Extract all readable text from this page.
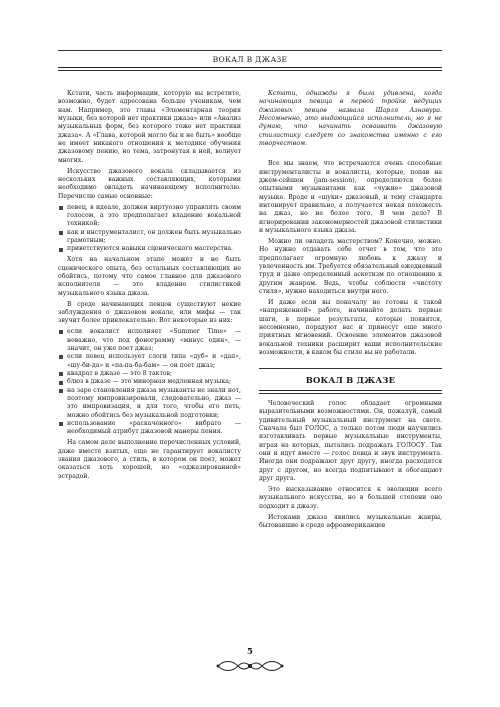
ВОКАЛ В ДЖАЗЕ

Кстати, часть информации, которую вы встретите, возможно, будет адресована больше ученикам, чем нам. Например, это главы «Элементарная теория музыки, без которой нет практики джаза» или «Анализ музыкальных форм, без которого тоже нет практики джаза». А «Глава, которой могло бы и не быть» вообще не имеет никакого отношения к методике обучения джазовому пению, но тема, затронутая в ней, волнует многих.

Искусство джазового вокала складывается из нескольких важных составляющих, которыми необходимо овладеть начинающему исполнителю. Перечислю самые основные:

певец, в идеале, должен виртуозно управлять своим голосом, а это предполагает владение вокальной техникой;
как и инструменталист, он должен быть музыкально грамотным;
приветствуются навыки сценического мастерства.

Хотя на начальном этапе может и не быть сценического опыта, без остальных составляющих не обойтись, потому что самое главное для джазового исполнителя — это владение стилистикой музыкального языка джаза.

В среде начинающих певцов существуют некие заблуждения о джазовом вокале, или мифы — так звучит более привлекательно. Вот некоторые из них:

если вокалист исполняет «Summer Time» — неважно, что под фонограмму «минус один», — значит, он уже поет джаз;
если певец использует слоги типа «дуб» и «дап», «шу-би-да» и «па-па-ба-бам» — он поет джаз;
квадрат в джазе — это 8 тактов;
блюз в джазе — это минорная медленная музыка;
на заре становления джаза музыканты не знали нот, поэтому импровизировали, следовательно, джаз — это импровизация, и для того, чтобы его петь, можно обойтись без музыкальной подготовки;
использование «раскаченного» вибрато — необходимый атрибут джазовой манеры пения.

На самом деле выполнение перечисленных условий, даже вместе взятых, еще не гарантирует вокалисту звания джазового, а стиль, в котором он поет, может оказаться хоть хорошей, но «оджазированной» эстрадой.

Кстати, однажды я была удивлена, когда начинающая певица в первой тройке ведущих джазовых певцов назвала Шарля Азнавура. Несомненно, это выдающийся исполнитель, но я не думаю, что начинать осваивать джазовую стилистику следует со знакомства именно с его творчеством.

Все мы знаем, что встречаются очень способные инструменталисты и вокалисты, которые, попав на джем-сейшен (jam-session), определяются более опытными музыкантами как «чужие» джазовой музыке. Вроде и «шуки» джазовый, и тему стандарта интонирует правильно, а получается некая похожесть на джаз, но не более того. В чем дело? В игнорировании закономерностей джазовой стилистики и музыкального языка джаза.

Можно ли овладеть мастерством? Конечно, можно. Но нужно отдавать себе отчет в том, что это предполагает огромную любовь к джазу и увлеченность им. Требуется обязательный ежедневный труд и даже определенный аскетизм по отношению к другим жанрам. Ведь, чтобы соблюсти «чистоту стиля», нужно находиться внутри него.

И даже если вы поначалу не готовы к такой «напряженной» работе, начинайте делать первые шаги, в первые результаты, которые появятся, несомненно, порадуют вас и принесут еще много приятных мгновений. Освоение элементов джазовой вокальной техники расширит ваши исполнительские возможности, в каком бы стиле вы не работали.

ВОКАЛ В ДЖАЗЕ

Человеческий голос обладает огромными выразительными возможностями. Он, пожалуй, самый удивительный музыкальный инструмент на свете. Сначала был ГОЛОС, а только потом люди научились изготавливать первые музыкальные инструменты, играя на которых, пытались подражать ГОЛОСУ. Так они и идут вместе — голос певца и звук инструмента. Иногда они подражают друг другу, иногда расходятся друг с другом, но всегда подпитывают и обогащают друг друга.

Это высказывание относится к эволюции всего музыкального искусства, но в большей степени оно подходит к джазу.

Истоками джаза явились музыкальные жанры, бытовавшие в среде афроамериканцев

5
